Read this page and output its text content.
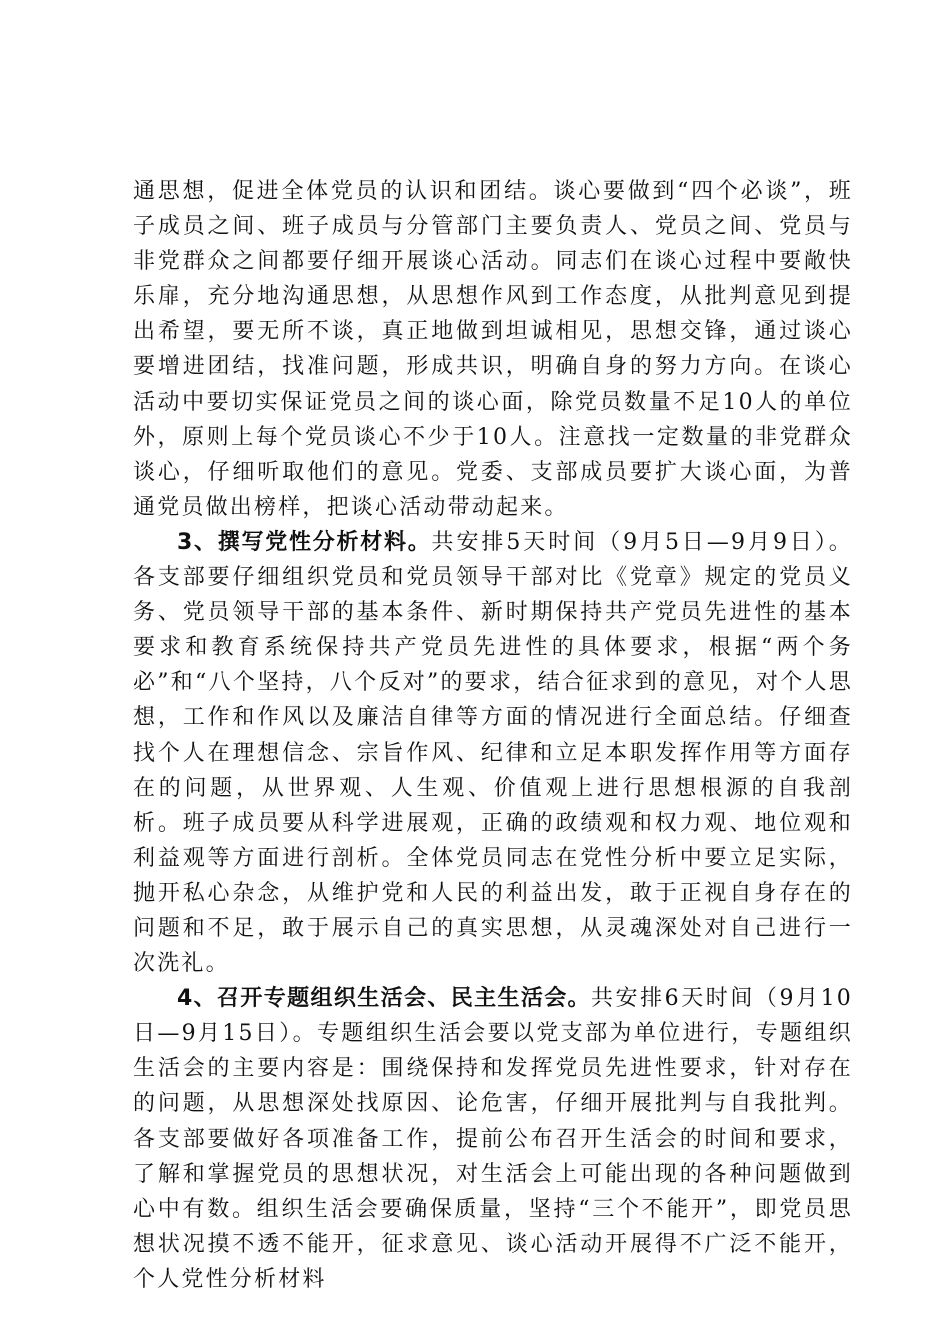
通思想，促进全体党员的认识和团结。谈心要做到“四个必谈”，班子成员之间、班子成员与分管部门主要负责人、党员之间、党员与非党群众之间都要仔细开展谈心活动。同志们在谈心过程中要敞快乐扉，充分地沟通思想，从思想作风到工作态度，从批判意见到提出希望，要无所不谈，真正地做到坦诚相见，思想交锋，通过谈心要增进团结，找准问题，形成共识，明确自身的努力方向。在谈心活动中要切实保证党员之间的谈心面，除党员数量不足10人的单位外，原则上每个党员谈心不少于10人。注意找一定数量的非党群众谈心，仔细听取他们的意见。党委、支部成员要扩大谈心面，为普通党员做出榜样，把谈心活动带动起来。

3、撰写党性分析材料。共安排5天时间（9月5日—9月9日）。各支部要仔细组织党员和党员领导干部对比《党章》规定的党员义务、党员领导干部的基本条件、新时期保持共产党员先进性的基本要求和教育系统保持共产党员先进性的具体要求，根据“两个务必”和“八个坚持，八个反对”的要求，结合征求到的意见，对个人思想，工作和作风以及廉洁自律等方面的情况进行全面总结。仔细查找个人在理想信念、宗旨作风、纪律和立足本职发挥作用等方面存在的问题，从世界观、人生观、价值观上进行思想根源的自我剖析。班子成员要从科学进展观，正确的政绩观和权力观、地位观和利益观等方面进行剖析。全体党员同志在党性分析中要立足实际，抛开私心杂念，从维护党和人民的利益出发，敢于正视自身存在的问题和不足，敢于展示自己的真实思想，从灵魂深处对自己进行一次洗礼。

4、召开专题组织生活会、民主生活会。共安排6天时间（9月10日—9月15日）。专题组织生活会要以党支部为单位进行，专题组织生活会的主要内容是：围绕保持和发挥党员先进性要求，针对存在的问题，从思想深处找原因、论危害，仔细开展批判与自我批判。各支部要做好各项准备工作，提前公布召开生活会的时间和要求，了解和掌握党员的思想状况，对生活会上可能出现的各种问题做到心中有数。组织生活会要确保质量，坚持“三个不能开”，即党员思想状况摸不透不能开，征求意见、谈心活动开展得不广泛不能开，个人党性分析材料
